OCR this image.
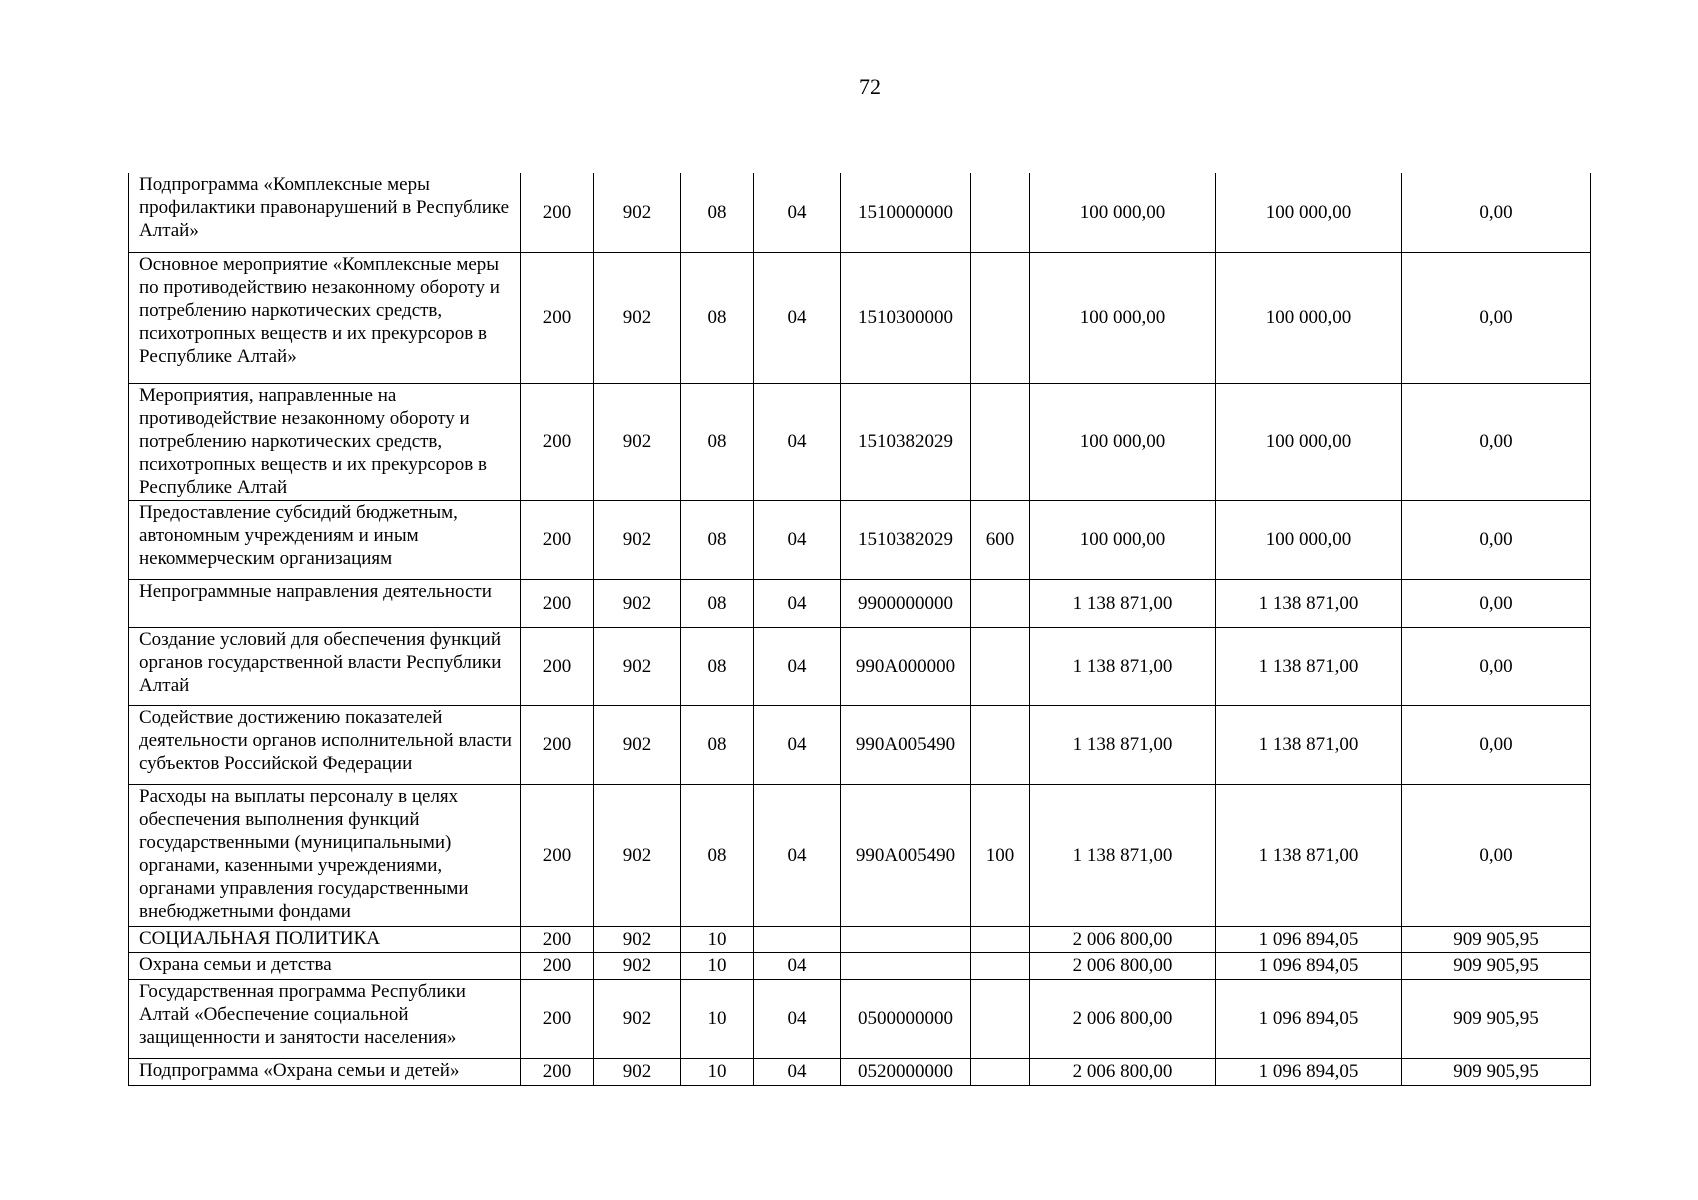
72
Подпрограмма «Комплексные меры профилактики правонарушений в Республике Алтай»	200	902	08	04	1510000000		100 000,00	100 000,00	0,00
Основное мероприятие «Комплексные меры по противодействию незаконному обороту и потреблению наркотических средств, психотропных веществ и их прекурсоров в Республике Алтай»	200	902	08	04	1510300000		100 000,00	100 000,00	0,00
Мероприятия, направленные на противодействие незаконному обороту и потреблению наркотических средств, психотропных веществ и их прекурсоров в Республике Алтай	200	902	08	04	1510382029		100 000,00	100 000,00	0,00
Предоставление субсидий бюджетным, автономным учреждениям и иным некоммерческим организациям	200	902	08	04	1510382029	600	100 000,00	100 000,00	0,00
Непрограммные направления деятельности	200	902	08	04	9900000000		1 138 871,00	1 138 871,00	0,00
Создание условий для обеспечения функций органов государственной власти Республики Алтай	200	902	08	04	990А000000		1 138 871,00	1 138 871,00	0,00
Содействие достижению показателей деятельности органов исполнительной власти субъектов Российской Федерации	200	902	08	04	990А005490		1 138 871,00	1 138 871,00	0,00
Расходы на выплаты персоналу в целях обеспечения выполнения функций государственными (муниципальными) органами, казенными учреждениями, органами управления государственными внебюджетными фондами	200	902	08	04	990А005490	100	1 138 871,00	1 138 871,00	0,00
СОЦИАЛЬНАЯ ПОЛИТИКА	200	902	10				2 006 800,00	1 096 894,05	909 905,95
Охрана семьи и детства	200	902	10	04			2 006 800,00	1 096 894,05	909 905,95
Государственная программа Республики Алтай «Обеспечение социальной защищенности и занятости населения»	200	902	10	04	0500000000		2 006 800,00	1 096 894,05	909 905,95
Подпрограмма «Охрана семьи и детей»	200	902	10	04	0520000000		2 006 800,00	1 096 894,05	909 905,95
